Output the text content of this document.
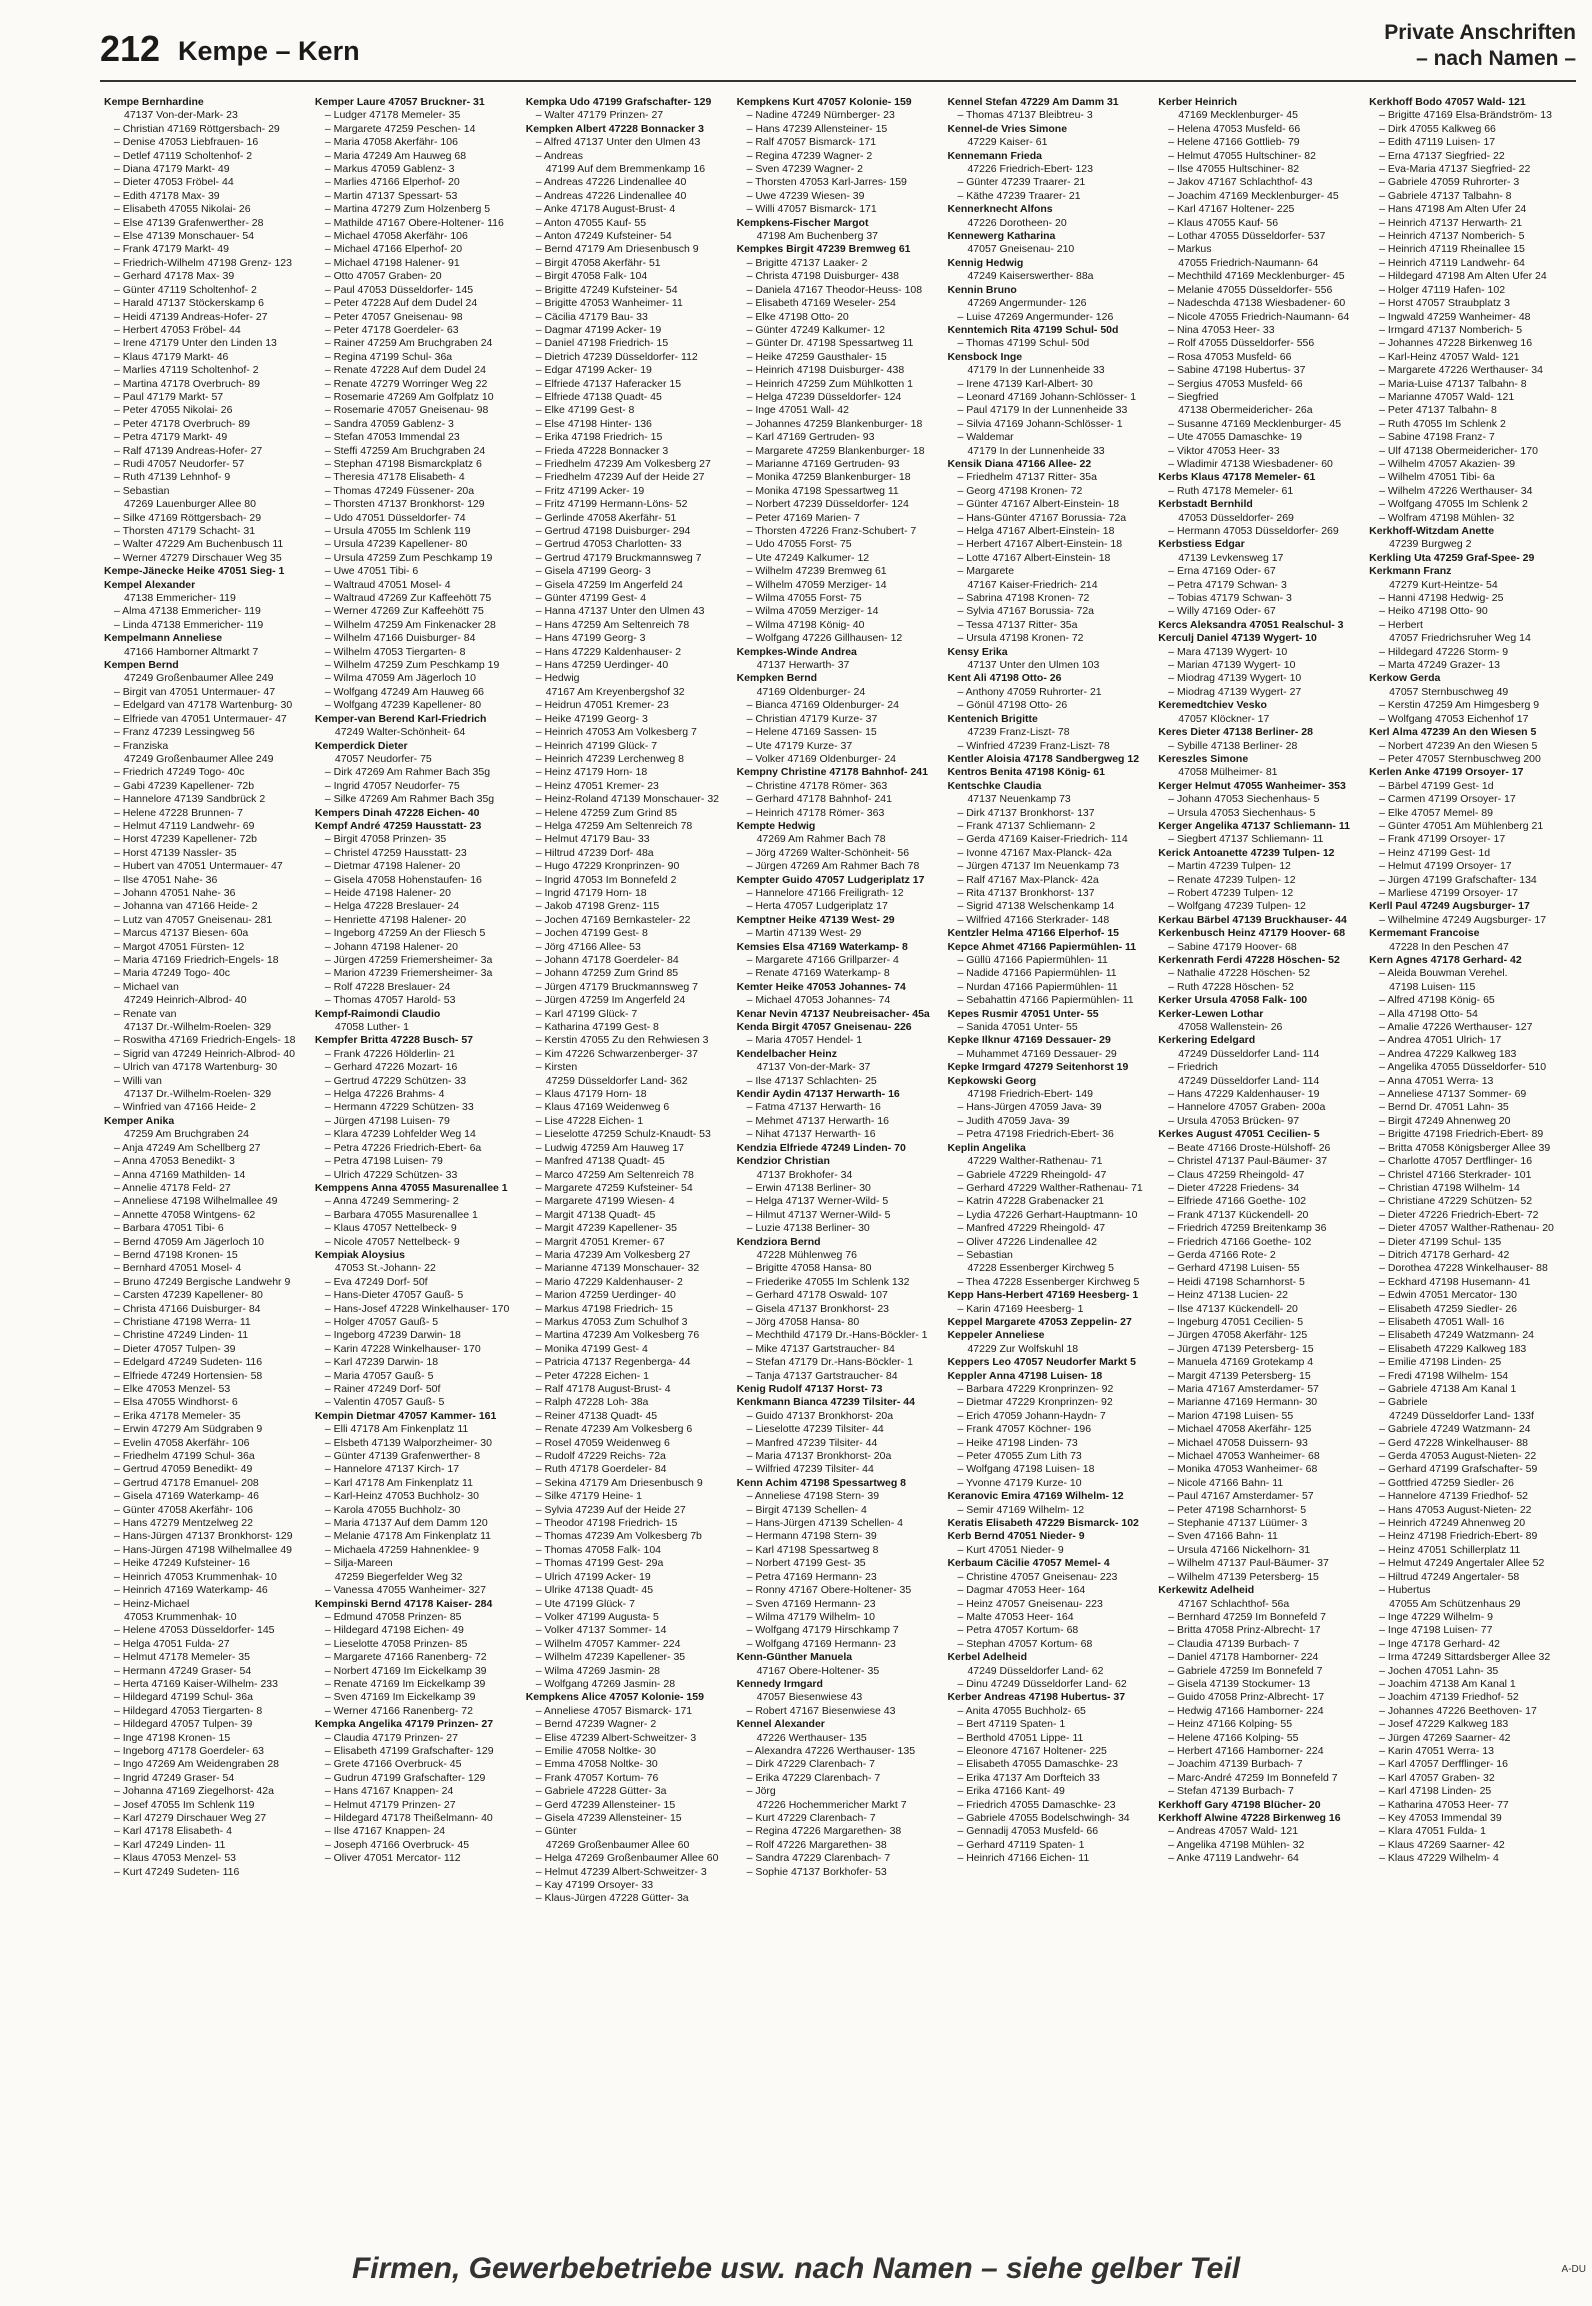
212 Kempe – Kern
Private Anschriften
– nach Namen –
Kempe Bernhardine
47137 Von-der-Mark- 23
– Christian 47169 Röttgersbach- 29
– Denise 47053 Liebfrauen- 16
– Detlef 47119 Scholtenhof- 2
– Diana 47179 Markt- 49
– Dieter 47053 Fröbel- 44
– Edith 47178 Max- 39
– Elisabeth 47055 Nikolai- 26
– Else 47139 Grafenwerther- 28
– Else 47139 Monschauer- 54
– Frank 47179 Markt- 49
– Friedrich-Wilhelm 47198 Grenz- 123
– Gerhard 47178 Max- 39
– Günter 47119 Scholtenhof- 2
– Harald 47137 Stöckerskamp 6
– Heidi 47139 Andreas-Hofer- 27
– Herbert 47053 Fröbel- 44
– Irene 47179 Unter den Linden 13
– Klaus 47179 Markt- 46
– Marlies 47119 Scholtenhof- 2
– Martina 47178 Overbruch- 89
– Paul 47179 Markt- 57
– Peter 47055 Nikolai- 26
– Peter 47178 Overbruch- 89
– Petra 47179 Markt- 49
– Ralf 47139 Andreas-Hofer- 27
– Rudi 47057 Neudorfer- 57
– Ruth 47139 Lehnhof- 9
– Sebastian
47269 Lauenburger Allee 80
– Silke 47169 Röttgersbach- 29
– Thorsten 47179 Schacht- 31
– Walter 47229 Am Buchenbusch 11
– Werner 47279 Dirschauer Weg 35
Kempe-Jänecke Heike 47051 Sieg- 1
Kempel Alexander
47138 Emmericher- 119
– Alma 47138 Emmericher- 119
– Linda 47138 Emmericher- 119
Kempelmann Anneliese
47166 Hamborner Altmarkt 7
Kempen Bernd
47249 Großenbaumer Allee 249
– Birgit van 47051 Untermauer- 47
– Edelgard van 47178 Wartenburg- 30
– Elfriede van 47051 Untermauer- 47
– Franz 47239 Lessingweg 56
– Franziska
47249 Großenbaumer Allee 249
– Friedrich 47249 Togo- 40c
– Gabi 47239 Kapellener- 72b
– Hannelore 47139 Sandbrück 2
– Helene 47228 Brunnen- 7
– Helmut 47119 Landwehr- 69
– Horst 47239 Kapellener- 72b
– Horst 47139 Nassler- 35
– Hubert van 47051 Untermauer- 47
– Ilse 47051 Nahe- 36
– Johann 47051 Nahe- 36
– Johanna van 47166 Heide- 2
– Lutz van 47057 Gneisenau- 281
– Marcus 47137 Biesen- 60a
– Margot 47051 Fürsten- 12
– Maria 47169 Friedrich-Engels- 18
– Maria 47249 Togo- 40c
– Michael van
47249 Heinrich-Albrod- 40
– Renate van
47137 Dr.-Wilhelm-Roelen- 329
– Roswitha 47169 Friedrich-Engels- 18
– Sigrid van 47249 Heinrich-Albrod- 40
– Ulrich van 47178 Wartenburg- 30
– Willi van
47137 Dr.-Wilhelm-Roelen- 329
– Winfried van 47166 Heide- 2
Kemper Anika
47259 Am Bruchgraben 24
– Anja 47249 Am Schellberg 27
– Anna 47053 Benedikt- 3
– Anna 47169 Mathilden- 14
– Annelie 47178 Feld- 27
– Anneliese 47198 Wilhelmallee 49
– Annette 47058 Wintgens- 62
– Barbara 47051 Tibi- 6
– Bernd 47059 Am Jägerloch 10
– Bernd 47198 Kronen- 15
– Bernhard 47051 Mosel- 4
– Bruno 47249 Bergische Landwehr 9
– Carsten 47239 Kapellener- 80
– Christa 47166 Duisburger- 84
– Christiane 47198 Werra- 11
– Christine 47249 Linden- 11
– Dieter 47057 Tulpen- 39
– Edelgard 47249 Sudeten- 116
– Elfriede 47249 Hortensien- 58
– Elke 47053 Menzel- 53
– Elsa 47055 Windhorst- 6
– Erika 47178 Memeler- 35
– Erwin 47279 Am Südgraben 9
– Evelin 47058 Akerfähr- 106
– Friedhelm 47199 Schul- 36a
– Gertrud 47059 Benedikt- 49
– Gertrud 47178 Emanuel- 208
– Gisela 47169 Waterkamp- 46
– Günter 47058 Akerfähr- 106
– Hans 47279 Mentzelweg 22
– Hans-Jürgen 47137 Bronkhorst- 129
– Hans-Jürgen 47198 Wilhelmallee 49
– Heike 47249 Kufsteiner- 16
– Heinrich 47053 Krummenhak- 10
– Heinrich 47169 Waterkamp- 46
– Heinz-Michael
47053 Krummenhak- 10
– Helene 47053 Düsseldorfer- 145
– Helga 47051 Fulda- 27
– Helmut 47178 Memeler- 35
– Hermann 47249 Graser- 54
– Herta 47169 Kaiser-Wilhelm- 233
– Hildegard 47199 Schul- 36a
– Hildegard 47053 Tiergarten- 8
– Hildegard 47057 Tulpen- 39
– Inge 47198 Kronen- 15
– Ingeborg 47178 Goerdeler- 63
– Ingo 47269 Am Weidengraben 28
– Ingrid 47249 Graser- 54
– Johanna 47169 Ziegelhorst- 42a
– Josef 47055 Im Schlenk 119
– Karl 47279 Dirschauer Weg 27
– Karl 47178 Elisabeth- 4
– Karl 47249 Linden- 11
– Klaus 47053 Menzel- 53
– Kurt 47249 Sudeten- 116
Kemper Laure 47057 Bruckner- 31
– Ludger 47178 Memeler- 35
– Margarete 47259 Peschen- 14
– Maria 47058 Akerfähr- 106
– Maria 47249 Am Hauweg 68
– Markus 47059 Gablenz- 3
– Marlies 47166 Elperhof- 20
– Martin 47137 Spessart- 53
– Martina 47279 Zum Holzenberg 5
– Mathilde 47167 Obere-Holtener- 116
– Michael 47058 Akerfähr- 106
– Michael 47166 Elperhof- 20
– Michael 47198 Halener- 91
– Otto 47057 Graben- 20
– Paul 47053 Düsseldorfer- 145
– Peter 47228 Auf dem Dudel 24
– Peter 47057 Gneisenau- 98
– Peter 47178 Goerdeler- 63
– Rainer 47259 Am Bruchgraben 24
– Regina 47199 Schul- 36a
– Renate 47228 Auf dem Dudel 24
– Renate 47279 Worringer Weg 22
– Rosemarie 47269 Am Golfplatz 10
– Rosemarie 47057 Gneisenau- 98
– Sandra 47059 Gablenz- 3
– Stefan 47053 Immendal 23
– Steffi 47259 Am Bruchgraben 24
– Stephan 47198 Bismarckplatz 6
– Theresia 47178 Elisabeth- 4
– Thomas 47249 Füssener- 20a
– Thorsten 47137 Bronkhorst- 129
– Udo 47051 Düsseldorfer- 74
– Ursula 47055 Im Schlenk 119
– Ursula 47239 Kapellener- 80
– Ursula 47259 Zum Peschkamp 19
– Uwe 47051 Tibi- 6
– Waltraud 47051 Mosel- 4
– Waltraud 47269 Zur Kaffeehött 75
– Werner 47269 Zur Kaffeehött 75
– Wilhelm 47259 Am Finkenacker 28
– Wilhelm 47166 Duisburger- 84
– Wilhelm 47053 Tiergarten- 8
– Wilhelm 47259 Zum Peschkamp 19
– Wilma 47059 Am Jägerloch 10
– Wolfgang 47249 Am Hauweg 66
– Wolfgang 47239 Kapellener- 80
Kemper-van Berend Karl-Friedrich
47249 Walter-Schönheit- 64
Kemperdick Dieter
47057 Neudorfer- 75
– Dirk 47269 Am Rahmer Bach 35g
– Ingrid 47057 Neudorfer- 75
– Silke 47269 Am Rahmer Bach 35g
Kempers Dinah 47228 Eichen- 40
Kempf André 47259 Hausstatt- 23
– Birgit 47058 Prinzen- 35
– Christel 47259 Hausstatt- 23
– Dietmar 47198 Halener- 20
– Gisela 47058 Hohenstaufen- 16
– Heide 47198 Halener- 20
– Helga 47228 Breslauer- 24
– Henriette 47198 Halener- 20
– Ingeborg 47259 An der Fliesch 5
– Johann 47198 Halener- 20
– Jürgen 47259 Friemersheimer- 3a
– Marion 47239 Friemersheimer- 3a
– Rolf 47228 Breslauer- 24
– Thomas 47057 Harold- 53
Kempf-Raimondi Claudio
47058 Luther- 1
Kempfer Britta 47228 Busch- 57
– Frank 47226 Hölderlin- 21
– Gerhard 47226 Mozart- 16
– Gertrud 47229 Schützen- 33
– Helga 47226 Brahms- 4
– Hermann 47229 Schützen- 33
– Jürgen 47198 Luisen- 79
– Klara 47239 Lohfelder Weg 14
– Petra 47226 Friedrich-Ebert- 6a
– Petra 47198 Luisen- 79
– Ulrich 47229 Schützen- 33
Kemppens Anna 47055 Masurenallee 1
– Anna 47249 Semmering- 2
– Barbara 47055 Masurenallee 1
– Klaus 47057 Nettelbeck- 9
– Nicole 47057 Nettelbeck- 9
Kempiak Aloysius
47053 St.-Johann- 22
– Eva 47249 Dorf- 50f
– Hans-Dieter 47057 Gauß- 5
– Hans-Josef 47228 Winkelhauser- 170
– Holger 47057 Gauß- 5
– Ingeborg 47239 Darwin- 18
– Karin 47228 Winkelhauser- 170
– Karl 47239 Darwin- 18
– Maria 47057 Gauß- 5
– Rainer 47249 Dorf- 50f
– Valentin 47057 Gauß- 5
Kempin Dietmar 47057 Kammer- 161
– Elli 47178 Am Finkenplatz 11
– Elsbeth 47139 Walporzheimer- 30
– Günter 47139 Grafenwerther- 8
– Hannelore 47137 Kirch- 17
– Karl 47178 Am Finkenplatz 11
– Karl-Heinz 47053 Buchholz- 30
– Karola 47055 Buchholz- 30
– Maria 47137 Auf dem Damm 120
– Melanie 47178 Am Finkenplatz 11
– Michaela 47259 Hahnenklee- 9
– Silja-Mareen
47259 Biegerfelder Weg 32
– Vanessa 47055 Wanheimer- 327
Kempinski Bernd 47178 Kaiser- 284
– Edmund 47058 Prinzen- 85
– Hildegard 47198 Eichen- 49
– Lieselotte 47058 Prinzen- 85
– Margarete 47166 Ranenberg- 72
– Norbert 47169 Im Eickelkamp 39
– Renate 47169 Im Eickelkamp 39
– Sven 47169 Im Eickelkamp 39
– Werner 47166 Ranenberg- 72
Kempka Angelika 47179 Prinzen- 27
– Claudia 47179 Prinzen- 27
– Elisabeth 47199 Grafschafter- 129
– Grete 47166 Overbruck- 45
– Gudrun 47199 Grafschafter- 129
– Hans 47167 Knappen- 24
– Helmut 47179 Prinzen- 27
– Hildegard 47178 Theißelmann- 40
– Ilse 47167 Knappen- 24
– Joseph 47166 Overbruck- 45
– Oliver 47051 Mercator- 112
Kempka Udo 47199 Grafschafter- 129
– Walter 47179 Prinzen- 27
Kempken Albert 47228 Bonnacker 3
– Alfred 47137 Unter den Ulmen 43
– Andreas
47199 Auf dem Bremmenkamp 16
– Andreas 47226 Lindenallee 40
– Andreas 47226 Lindenallee 40
– Anke 47178 August-Brust- 4
– Anton 47055 Kauf- 55
– Anton 47249 Kufsteiner- 54
– Bernd 47179 Am Driesenbusch 9
– Birgit 47058 Akerfähr- 51
– Birgit 47058 Falk- 104
– Brigitte 47249 Kufsteiner- 54
– Brigitte 47053 Wanheimer- 11
– Cäcilia 47179 Bau- 33
– Dagmar 47199 Acker- 19
– Daniel 47198 Friedrich- 15
– Dietrich 47239 Düsseldorfer- 112
– Edgar 47199 Acker- 19
– Elfriede 47137 Haferacker 15
– Elfriede 47138 Quadt- 45
– Elke 47199 Gest- 8
– Else 47198 Hinter- 136
– Erika 47198 Friedrich- 15
– Frieda 47228 Bonnacker 3
– Friedhelm 47239 Am Volkesberg 27
– Friedhelm 47239 Auf der Heide 27
– Fritz 47199 Acker- 19
– Fritz 47199 Hermann-Löns- 52
– Gerlinde 47058 Akerfähr- 51
– Gertrud 47198 Duisburger- 294
– Gertrud 47053 Charlotten- 33
– Gertrud 47179 Bruckmannsweg 7
– Gisela 47199 Georg- 3
– Gisela 47259 Im Angerfeld 24
– Günter 47199 Gest- 4
– Hanna 47137 Unter den Ulmen 43
– Hans 47259 Am Seltenreich 78
– Hans 47199 Georg- 3
– Hans 47229 Kaldenhauser- 2
– Hans 47259 Uerdinger- 40
– Hedwig
47167 Am Kreyenbergshof 32
– Heidrun 47051 Kremer- 23
– Heike 47199 Georg- 3
– Heinrich 47053 Am Volkesberg 7
– Heinrich 47199 Glück- 7
– Heinrich 47239 Lerchenweg 8
– Heinz 47179 Horn- 18
– Heinz 47051 Kremer- 23
– Heinz-Roland 47139 Monschauer- 32
– Helene 47259 Zum Grind 85
– Helga 47259 Am Seltenreich 78
– Helmut 47179 Bau- 33
– Hiltrud 47239 Dorf- 48a
– Hugo 47229 Kronprinzen- 90
– Ingrid 47053 Im Bonnefeld 2
– Ingrid 47179 Horn- 18
– Jakob 47198 Grenz- 115
– Jochen 47169 Bernkasteler- 22
– Jochen 47199 Gest- 8
– Jörg 47166 Allee- 53
– Johann 47178 Goerdeler- 84
– Johann 47259 Zum Grind 85
– Jürgen 47179 Bruckmannsweg 7
– Jürgen 47259 Im Angerfeld 24
– Karl 47199 Glück- 7
– Katharina 47199 Gest- 8
– Kerstin 47055 Zu den Rehwiesen 3
– Kim 47226 Schwarzenberger- 37
– Kirsten
47259 Düsseldorfer Land- 362
– Klaus 47179 Horn- 18
– Klaus 47169 Weidenweg 6
– Lise 47228 Eichen- 1
– Lieselotte 47259 Schulz-Knaudt- 53
– Ludwig 47259 Am Hauweg 17
– Manfred 47138 Quadt- 45
– Marco 47259 Am Seltenreich 78
– Margarete 47259 Kufsteiner- 54
– Margarete 47199 Wiesen- 4
– Margit 47138 Quadt- 45
– Margit 47239 Kapellener- 35
– Margrit 47051 Kremer- 67
– Maria 47239 Am Volkesberg 27
– Marianne 47139 Monschauer- 32
– Mario 47229 Kaldenhauser- 2
– Marion 47259 Uerdinger- 40
– Markus 47198 Friedrich- 15
– Markus 47053 Zum Schulhof 3
– Martina 47239 Am Volkesberg 76
– Monika 47199 Gest- 4
– Patricia 47137 Regenberga- 44
– Peter 47228 Eichen- 1
– Ralf 47178 August-Brust- 4
– Ralph 47228 Loh- 38a
– Reiner 47138 Quadt- 45
– Renate 47239 Am Volkesberg 6
– Rosel 47059 Weidenweg 6
– Rudolf 47229 Reichs- 72a
– Ruth 47178 Goerdeler- 84
– Sekina 47179 Am Driesenbusch 9
– Silke 47179 Heine- 1
– Sylvia 47239 Auf der Heide 27
– Theodor 47198 Friedrich- 15
– Thomas 47239 Am Volkesberg 7b
– Thomas 47058 Falk- 104
– Thomas 47199 Gest- 29a
– Ulrich 47199 Acker- 19
– Ulrike 47138 Quadt- 45
– Ute 47199 Glück- 7
– Volker 47199 Augusta- 5
– Volker 47137 Sommer- 14
– Wilhelm 47057 Kammer- 224
– Wilhelm 47239 Kapellener- 35
– Wilma 47269 Jasmin- 28
– Wolfgang 47269 Jasmin- 28
Kempkens Alice 47057 Kolonie- 159
– Anneliese 47057 Bismarck- 171
– Bernd 47239 Wagner- 2
– Elise 47239 Albert-Schweitzer- 3
– Emilie 47058 Noltke- 30
– Emma 47058 Noltke- 30
– Frank 47057 Kortum- 76
– Gabriele 47228 Gütter- 3a
– Gerd 47239 Allensteiner- 15
– Gisela 47239 Allensteiner- 15
– Günter
47269 Großenbaumer Allee 60
– Helga 47269 Großenbaumer Allee 60
– Helmut 47239 Albert-Schweitzer- 3
– Kay 47199 Orsoyer- 33
– Klaus-Jürgen 47228 Gütter- 3a
Kempkens Kurt 47057 Kolonie- 159
– Nadine 47249 Nürnberger- 23
– Hans 47239 Allensteiner- 15
– Ralf 47057 Bismarck- 171
– Regina 47239 Wagner- 2
– Sven 47239 Wagner- 2
– Thorsten 47053 Karl-Jarres- 159
– Uwe 47239 Wiesen- 39
– Willi 47057 Bismarck- 171
Kempkens-Fischer Margot
47198 Am Buchenberg 37
Kempkes Birgit 47239 Bremweg 61
– Brigitte 47137 Laaker- 2
– Christa 47198 Duisburger- 438
– Daniela 47167 Theodor-Heuss- 108
– Elisabeth 47169 Weseler- 254
– Elke 47198 Otto- 20
– Günter 47249 Kalkumer- 12
– Günter Dr. 47198 Spessartweg 11
– Heike 47259 Gausthaler- 15
– Heinrich 47198 Duisburger- 438
– Heinrich 47259 Zum Mühlkotten 1
– Helga 47239 Düsseldorfer- 124
– Inge 47051 Wall- 42
– Johannes 47259 Blankenburger- 18
– Karl 47169 Gertruden- 93
– Margarete 47259 Blankenburger- 18
– Marianne 47169 Gertruden- 93
– Monika 47259 Blankenburger- 18
– Monika 47198 Spessartweg 11
– Norbert 47239 Düsseldorfer- 124
– Peter 47169 Marien- 7
– Thorsten 47226 Franz-Schubert- 7
– Udo 47055 Forst- 75
– Ute 47249 Kalkumer- 12
– Wilhelm 47239 Bremweg 61
– Wilhelm 47059 Merziger- 14
– Wilma 47055 Forst- 75
– Wilma 47059 Merziger- 14
– Wilma 47198 König- 40
– Wolfgang 47226 Gillhausen- 12
Kempkes-Winde Andrea
47137 Herwarth- 37
Kempken Bernd
47169 Oldenburger- 24
– Bianca 47169 Oldenburger- 24
– Christian 47179 Kurze- 37
– Helene 47169 Sassen- 15
– Ute 47179 Kurze- 37
– Volker 47169 Oldenburger- 24
Kempny Christine 47178 Bahnhof- 241
– Christine 47178 Römer- 363
– Gerhard 47178 Bahnhof- 241
– Heinrich 47178 Römer- 363
Kempte Hedwig
47269 Am Rahmer Bach 78
– Jörg 47269 Walter-Schönheit- 56
– Jürgen 47269 Am Rahmer Bach 78
Kempter Guido 47057 Ludgeriplatz 17
– Hannelore 47166 Freiligrath- 12
– Herta 47057 Ludgeriplatz 17
Kemptner Heike 47139 West- 29
– Martin 47139 West- 29
Kemsies Elsa 47169 Waterkamp- 8
– Margarete 47166 Grillparzer- 4
– Renate 47169 Waterkamp- 8
Kemter Heike 47053 Johannes- 74
– Michael 47053 Johannes- 74
Kenar Nevin 47137 Neubreisacher- 45a
Kenda Birgit 47057 Gneisenau- 226
– Maria 47057 Hendel- 1
Kendelbacher Heinz
47137 Von-der-Mark- 37
– Ilse 47137 Schlachten- 25
Kendir Aydin 47137 Herwarth- 16
– Fatma 47137 Herwarth- 16
– Mehmet 47137 Herwarth- 16
– Nihat 47137 Herwarth- 16
Kendzia Elfriede 47249 Linden- 70
Kendzior Christian
47137 Brokhofer- 34
– Erwin 47138 Berliner- 30
– Helga 47137 Werner-Wild- 5
– Hilmut 47137 Werner-Wild- 5
– Luzie 47138 Berliner- 30
Kendziora Bernd
47228 Mühlenweg 76
– Brigitte 47058 Hansa- 80
– Friederike 47055 Im Schlenk 132
– Gerhard 47178 Oswald- 107
– Gisela 47137 Bronkhorst- 23
– Jörg 47058 Hansa- 80
– Mechthild 47179 Dr.-Hans-Böckler- 1
– Mike 47137 Gartstraucher- 84
– Stefan 47179 Dr.-Hans-Böckler- 1
– Tanja 47137 Gartstraucher- 84
Kenig Rudolf 47137 Horst- 73
Kenkmann Bianca 47239 Tilsiter- 44
– Guido 47137 Bronkhorst- 20a
– Lieselotte 47239 Tilsiter- 44
– Manfred 47239 Tilsiter- 44
– Maria 47137 Bronkhorst- 20a
– Wilfried 47239 Tilsiter- 44
Kenn Achim 47198 Spessartweg 8
– Anneliese 47198 Stern- 39
– Birgit 47139 Schellen- 4
– Hans-Jürgen 47139 Schellen- 4
– Hermann 47198 Stern- 39
– Karl 47198 Spessartweg 8
– Norbert 47199 Gest- 35
– Petra 47169 Hermann- 23
– Ronny 47167 Obere-Holtener- 35
– Sven 47169 Hermann- 23
– Wilma 47179 Wilhelm- 10
– Wolfgang 47179 Hirschkamp 7
– Wolfgang 47169 Hermann- 23
Kenn-Günther Manuela
47167 Obere-Holtener- 35
Kennedy Irmgard
47057 Biesenwiese 43
– Robert 47167 Biesenwiese 43
Kennel Alexander
47226 Werthauser- 135
– Alexandra 47226 Werthauser- 135
– Dirk 47229 Clarenbach- 7
– Erika 47229 Clarenbach- 7
– Jörg
47226 Hochemmericher Markt 7
– Kurt 47229 Clarenbach- 7
– Regina 47226 Margarethen- 38
– Rolf 47226 Margarethen- 38
– Sandra 47229 Clarenbach- 7
– Sophie 47137 Borkhofer- 53
Kennel Stefan 47229 Am Damm 31
– Thomas 47137 Bleibtreu- 3
Kennel-de Vries Simone
47229 Kaiser- 61
Kennemann Frieda
47226 Friedrich-Ebert- 123
– Günter 47239 Traarer- 21
– Käthe 47239 Traarer- 21
Kennerknecht Alfons
47226 Dorotheen- 20
Kennewerg Katharina
47057 Gneisenau- 210
Kennig Hedwig
47249 Kaiserswerther- 88a
Kennin Bruno
47269 Angermunder- 126
– Luise 47269 Angermunder- 126
Kenntemich Rita 47199 Schul- 50d
– Thomas 47199 Schul- 50d
Kensbock Inge
47179 In der Lunnenheide 33
– Irene 47139 Karl-Albert- 30
– Leonard 47169 Johann-Schlösser- 1
– Paul 47179 In der Lunnenheide 33
– Silvia 47169 Johann-Schlösser- 1
– Waldemar
47179 In der Lunnenheide 33
Kensik Diana 47166 Allee- 22
– Friedhelm 47137 Ritter- 35a
– Georg 47198 Kronen- 72
– Günter 47167 Albert-Einstein- 18
– Hans-Günter 47167 Borussia- 72a
– Helga 47167 Albert-Einstein- 18
– Herbert 47167 Albert-Einstein- 18
– Lotte 47167 Albert-Einstein- 18
– Margarete
47167 Kaiser-Friedrich- 214
– Sabrina 47198 Kronen- 72
– Sylvia 47167 Borussia- 72a
– Tessa 47137 Ritter- 35a
– Ursula 47198 Kronen- 72
Kensy Erika
47137 Unter den Ulmen 103
Kent Ali 47198 Otto- 26
– Anthony 47059 Ruhrorter- 21
– Gönül 47198 Otto- 26
Kentenich Brigitte
47239 Franz-Liszt- 78
– Winfried 47239 Franz-Liszt- 78
Kentler Aloisia 47178 Sandbergweg 12
Kentros Benita 47198 König- 61
Kentschke Claudia
47137 Neuenkamp 73
– Dirk 47137 Bronkhorst- 137
– Frank 47137 Schliemann- 2
– Gerda 47169 Kaiser-Friedrich- 114
– Ivonne 47167 Max-Planck- 42a
– Jürgen 47137 Im Neuenkamp 73
– Ralf 47167 Max-Planck- 42a
– Rita 47137 Bronkhorst- 137
– Sigrid 47138 Welschenkamp 14
– Wilfried 47166 Sterkrader- 148
Kentzler Helma 47166 Elperhof- 15
Kepce Ahmet 47166 Papiermühlen- 11
– Güllü 47166 Papiermühlen- 11
– Nadide 47166 Papiermühlen- 11
– Nurdan 47166 Papiermühlen- 11
– Sebahattin 47166 Papiermühlen- 11
Kepes Rusmir 47051 Unter- 55
– Sanida 47051 Unter- 55
Kepke Ilknur 47169 Dessauer- 29
– Muhammet 47169 Dessauer- 29
Kepke Irmgard 47279 Seitenhorst 19
Kepkowski Georg
47198 Friedrich-Ebert- 149
– Hans-Jürgen 47059 Java- 39
– Judith 47059 Java- 39
– Petra 47198 Friedrich-Ebert- 36
Keplin Angelika
47229 Walther-Rathenau- 71
– Gabriele 47229 Rheingold- 47
– Gerhard 47229 Walther-Rathenau- 71
– Katrin 47228 Grabenacker 21
– Lydia 47226 Gerhart-Hauptmann- 10
– Manfred 47229 Rheingold- 47
– Oliver 47226 Lindenallee 42
– Sebastian
47228 Essenberger Kirchweg 5
– Thea 47228 Essenberger Kirchweg 5
Kepp Hans-Herbert 47169 Heesberg- 1
– Karin 47169 Heesberg- 1
Keppel Margarete 47053 Zeppelin- 27
Keppeler Anneliese
47229 Zur Wolfskuhl 18
Keppers Leo 47057 Neudorfer Markt 5
Keppler Anna 47198 Luisen- 18
– Barbara 47229 Kronprinzen- 92
– Dietmar 47229 Kronprinzen- 92
– Erich 47059 Johann-Haydn- 7
– Frank 47057 Köchner- 196
– Heike 47198 Linden- 73
– Peter 47055 Zum Lith 73
– Wolfgang 47198 Luisen- 18
– Yvonne 47179 Kurze- 10
Keranovic Emira 47169 Wilhelm- 12
– Semir 47169 Wilhelm- 12
Keratis Elisabeth 47229 Bismarck- 102
Kerb Bernd 47051 Nieder- 9
– Kurt 47051 Nieder- 9
Kerbaum Cäcilie 47057 Memel- 4
– Christine 47057 Gneisenau- 223
– Dagmar 47053 Heer- 164
– Heinz 47057 Gneisenau- 223
– Malte 47053 Heer- 164
– Petra 47057 Kortum- 68
– Stephan 47057 Kortum- 68
Kerbel Adelheid
47249 Düsseldorfer Land- 62
– Dinu 47249 Düsseldorfer Land- 62
Kerber Andreas 47198 Hubertus- 37
– Anita 47055 Buchholz- 65
– Bert 47119 Spaten- 1
– Berthold 47051 Lippe- 11
– Eleonore 47167 Holtener- 225
– Elisabeth 47055 Damaschke- 23
– Erika 47137 Am Dorfteich 33
– Erika 47166 Kant- 49
– Friedrich 47055 Damaschke- 23
– Gabriele 47055 Bodelschwingh- 34
– Gennadij 47053 Musfeld- 66
– Gerhard 47119 Spaten- 1
– Heinrich 47166 Eichen- 11
Kerber Heinrich
47169 Mecklenburger- 45
– Helena 47053 Musfeld- 66
– Helene 47166 Gottlieb- 79
– Helmut 47055 Hultschiner- 82
– Ilse 47055 Hultschiner- 82
– Jakov 47167 Schlachthof- 43
– Joachim 47169 Mecklenburger- 45
– Karl 47167 Holtener- 225
– Klaus 47055 Kauf- 56
– Lothar 47055 Düsseldorfer- 537
– Markus
47055 Friedrich-Naumann- 64
– Mechthild 47169 Mecklenburger- 45
– Melanie 47055 Düsseldorfer- 556
– Nadeschda 47138 Wiesbadener- 60
– Nicole 47055 Friedrich-Naumann- 64
– Nina 47053 Heer- 33
– Rolf 47055 Düsseldorfer- 556
– Rosa 47053 Musfeld- 66
– Sabine 47198 Hubertus- 37
– Sergius 47053 Musfeld- 66
– Siegfried
47138 Obermeidericher- 26a
– Susanne 47169 Mecklenburger- 45
– Ute 47055 Damaschke- 19
– Viktor 47053 Heer- 33
– Wladimir 47138 Wiesbadener- 60
Kerbs Klaus 47178 Memeler- 61
– Ruth 47178 Memeler- 61
Kerbstadt Bernhild
47053 Düsseldorfer- 269
– Hermann 47053 Düsseldorfer- 269
Kerbstiess Edgar
47139 Levkensweg 17
– Erna 47169 Oder- 67
– Petra 47179 Schwan- 3
– Tobias 47179 Schwan- 3
– Willy 47169 Oder- 67
Kercs Aleksandra 47051 Realschul- 3
Kerculj Daniel 47139 Wygert- 10
– Mara 47139 Wygert- 10
– Marian 47139 Wygert- 10
– Miodrag 47139 Wygert- 10
– Miodrag 47139 Wygert- 27
Keremedtchiev Vesko
47057 Klöckner- 17
Keres Dieter 47138 Berliner- 28
– Sybille 47138 Berliner- 28
Kereszles Simone
47058 Mülheimer- 81
Kerger Helmut 47055 Wanheimer- 353
– Johann 47053 Siechenhaus- 5
– Ursula 47053 Siechenhaus- 5
Kerger Angelika 47137 Schliemann- 11
– Siegbert 47137 Schliemann- 11
Kerick Antoanette 47239 Tulpen- 12
– Martin 47239 Tulpen- 12
– Renate 47239 Tulpen- 12
– Robert 47239 Tulpen- 12
– Wolfgang 47239 Tulpen- 12
Kerkau Bärbel 47139 Bruckhauser- 44
Kerkenbusch Heinz 47179 Hoover- 68
– Sabine 47179 Hoover- 68
Kerkenrath Ferdi 47228 Höschen- 52
– Nathalie 47228 Höschen- 52
– Ruth 47228 Höschen- 52
Kerker Ursula 47058 Falk- 100
Kerker-Lewen Lothar
47058 Wallenstein- 26
Kerkering Edelgard
47249 Düsseldorfer Land- 114
– Friedrich
47249 Düsseldorfer Land- 114
– Hans 47229 Kaldenhauser- 19
– Hannelore 47057 Graben- 200a
– Ursula 47053 Brücken- 97
Kerkes August 47051 Cecilien- 5
– Beate 47166 Droste-Hülshoff- 26
– Christel 47137 Paul-Bäumer- 37
– Claus 47259 Rheingold- 47
– Dieter 47228 Friedens- 34
– Elfriede 47166 Goethe- 102
– Frank 47137 Kückendell- 20
– Friedrich 47259 Breitenkamp 36
– Friedrich 47166 Goethe- 102
– Gerda 47166 Rote- 2
– Gerhard 47198 Luisen- 55
– Heidi 47198 Scharnhorst- 5
– Heinz 47138 Lucien- 22
– Ilse 47137 Kückendell- 20
– Ingeburg 47051 Cecilien- 5
– Jürgen 47058 Akerfähr- 125
– Jürgen 47139 Petersberg- 15
– Manuela 47169 Grotekamp 4
– Margit 47139 Petersberg- 15
– Maria 47167 Amsterdamer- 57
– Marianne 47169 Hermann- 30
– Marion 47198 Luisen- 55
– Michael 47058 Akerfähr- 125
– Michael 47058 Duissern- 93
– Michael 47053 Wanheimer- 68
– Monika 47053 Wanheimer- 68
– Nicole 47166 Bahn- 11
– Paul 47167 Amsterdamer- 57
– Peter 47198 Scharnhorst- 5
– Stephanie 47137 Lüümer- 3
– Sven 47166 Bahn- 11
– Ursula 47166 Nickelhorn- 31
– Wilhelm 47137 Paul-Bäumer- 37
– Wilhelm 47139 Petersberg- 15
Kerkewitz Adelheid
47167 Schlachthof- 56a
– Bernhard 47259 Im Bonnefeld 7
– Britta 47058 Prinz-Albrecht- 17
– Claudia 47139 Burbach- 7
– Daniel 47178 Hamborner- 224
– Gabriele 47259 Im Bonnefeld 7
– Gisela 47139 Stockumer- 13
– Guido 47058 Prinz-Albrecht- 17
– Hedwig 47166 Hamborner- 224
– Heinz 47166 Kolping- 55
– Helene 47166 Kolping- 55
– Herbert 47166 Hamborner- 224
– Joachim 47139 Burbach- 7
– Marc-André 47259 Im Bonnefeld 7
– Stefan 47139 Burbach- 7
Kerkhoff Gary 47198 Blücher- 20
Kerkhoff Alwine 47228 Birkenweg 16
– Andreas 47057 Wald- 121
– Angelika 47198 Mühlen- 32
– Anke 47119 Landwehr- 64
Kerkhoff Bodo 47057 Wald- 121
– Brigitte 47169 Elsa-Brändström- 13
– Dirk 47055 Kalkweg 66
– Edith 47119 Luisen- 17
– Erna 47137 Siegfried- 22
– Eva-Maria 47137 Siegfried- 22
– Gabriele 47059 Ruhrorter- 3
– Gabriele 47137 Talbahn- 8
– Hans 47198 Am Alten Ufer 24
– Heinrich 47137 Herwarth- 21
– Heinrich 47137 Nomberich- 5
– Heinrich 47119 Rheinallee 15
– Heinrich 47119 Landwehr- 64
– Hildegard 47198 Am Alten Ufer 24
– Holger 47119 Hafen- 102
– Horst 47057 Straubplatz 3
– Ingwald 47259 Wanheimer- 48
– Irmgard 47137 Nomberich- 5
– Johannes 47228 Birkenweg 16
– Karl-Heinz 47057 Wald- 121
– Margarete 47226 Werthauser- 34
– Maria-Luise 47137 Talbahn- 8
– Marianne 47057 Wald- 121
– Peter 47137 Talbahn- 8
– Ruth 47055 Im Schlenk 2
– Sabine 47198 Franz- 7
– Ulf 47138 Obermeidericher- 170
– Wilhelm 47057 Akazien- 39
– Wilhelm 47051 Tibi- 6a
– Wilhelm 47226 Werthauser- 34
– Wolfgang 47055 Im Schlenk 2
– Wolfram 47198 Mühlen- 32
Kerkhoff-Witzdam Anette
47239 Burgweg 2
Kerkling Uta 47259 Graf-Spee- 29
Kerkmann Franz
47279 Kurt-Heintze- 54
– Hanni 47198 Hedwig- 25
– Heiko 47198 Otto- 90
– Herbert
47057 Friedrichsruher Weg 14
– Hildegard 47226 Storm- 9
– Marta 47249 Grazer- 13
Kerkow Gerda
47057 Sternbuschweg 49
– Kerstin 47259 Am Himgesberg 9
– Wolfgang 47053 Eichenhof 17
Kerl Alma 47239 An den Wiesen 5
– Norbert 47239 An den Wiesen 5
– Peter 47057 Sternbuschweg 200
Kerlen Anke 47199 Orsoyer- 17
– Bärbel 47199 Gest- 1d
– Carmen 47199 Orsoyer- 17
– Elke 47057 Memel- 89
– Günter 47051 Am Mühlenberg 21
– Frank 47199 Orsoyer- 17
– Heinz 47199 Gest- 1d
– Helmut 47199 Orsoyer- 17
– Jürgen 47199 Grafschafter- 134
– Marliese 47199 Orsoyer- 17
Kerll Paul 47249 Augsburger- 17
– Wilhelmine 47249 Augsburger- 17
Kermemant Francoise
47228 In den Peschen 47
Kern Agnes 47178 Gerhard- 42
– Aleida Bouwman Verehel.
47198 Luisen- 115
– Alfred 47198 König- 65
– Alla 47198 Otto- 54
– Amalie 47226 Werthauser- 127
– Andrea 47051 Ulrich- 17
– Andrea 47229 Kalkweg 183
– Angelika 47055 Düsseldorfer- 510
– Anna 47051 Werra- 13
– Anneliese 47137 Sommer- 69
– Bernd Dr. 47051 Lahn- 35
– Birgit 47249 Ahnenweg 20
– Brigitte 47198 Friedrich-Ebert- 89
– Britta 47058 Königsberger Allee 39
– Charlotte 47057 Dertflinger- 16
– Christel 47166 Sterkrader- 101
– Christian 47198 Wilhelm- 14
– Christiane 47229 Schützen- 52
– Dieter 47226 Friedrich-Ebert- 72
– Dieter 47057 Walther-Rathenau- 20
– Dieter 47199 Schul- 135
– Ditrich 47178 Gerhard- 42
– Dorothea 47228 Winkelhauser- 88
– Eckhard 47198 Husemann- 41
– Edwin 47051 Mercator- 130
– Elisabeth 47259 Siedler- 26
– Elisabeth 47051 Wall- 16
– Elisabeth 47249 Watzmann- 24
– Elisabeth 47229 Kalkweg 183
– Emilie 47198 Linden- 25
– Fredi 47198 Wilhelm- 154
– Gabriele 47138 Am Kanal 1
– Gabriele
47249 Düsseldorfer Land- 133f
– Gabriele 47249 Watzmann- 24
– Gerd 47228 Winkelhauser- 88
– Gerda 47053 August-Nieten- 22
– Gerhard 47199 Grafschafter- 59
– Gottfried 47259 Siedler- 26
– Hannelore 47139 Friedhof- 52
– Hans 47053 August-Nieten- 22
– Heinrich 47249 Ahnenweg 20
– Heinz 47198 Friedrich-Ebert- 89
– Heinz 47051 Schillerplatz 11
– Helmut 47249 Angertaler Allee 52
– Hiltrud 47249 Angertaler- 58
– Hubertus
47055 Am Schützenhaus 29
– Inge 47229 Wilhelm- 9
– Inge 47198 Luisen- 77
– Inge 47178 Gerhard- 42
– Irma 47249 Sittardsberger Allee 32
– Jochen 47051 Lahn- 35
– Joachim 47138 Am Kanal 1
– Joachim 47139 Friedhof- 52
– Johannes 47226 Beethoven- 17
– Josef 47229 Kalkweg 183
– Jürgen 47269 Saarner- 42
– Karin 47051 Werra- 13
– Karl 47057 Derfflinger- 16
– Karl 47057 Graben- 32
– Karl 47198 Linden- 25
– Katharina 47053 Heer- 77
– Key 47053 Immendal 39
– Klara 47051 Fulda- 1
– Klaus 47269 Saarner- 42
– Klaus 47229 Wilhelm- 4
Firmen, Gewerbebetriebe usw. nach Namen – siehe gelber Teil	A-DU
